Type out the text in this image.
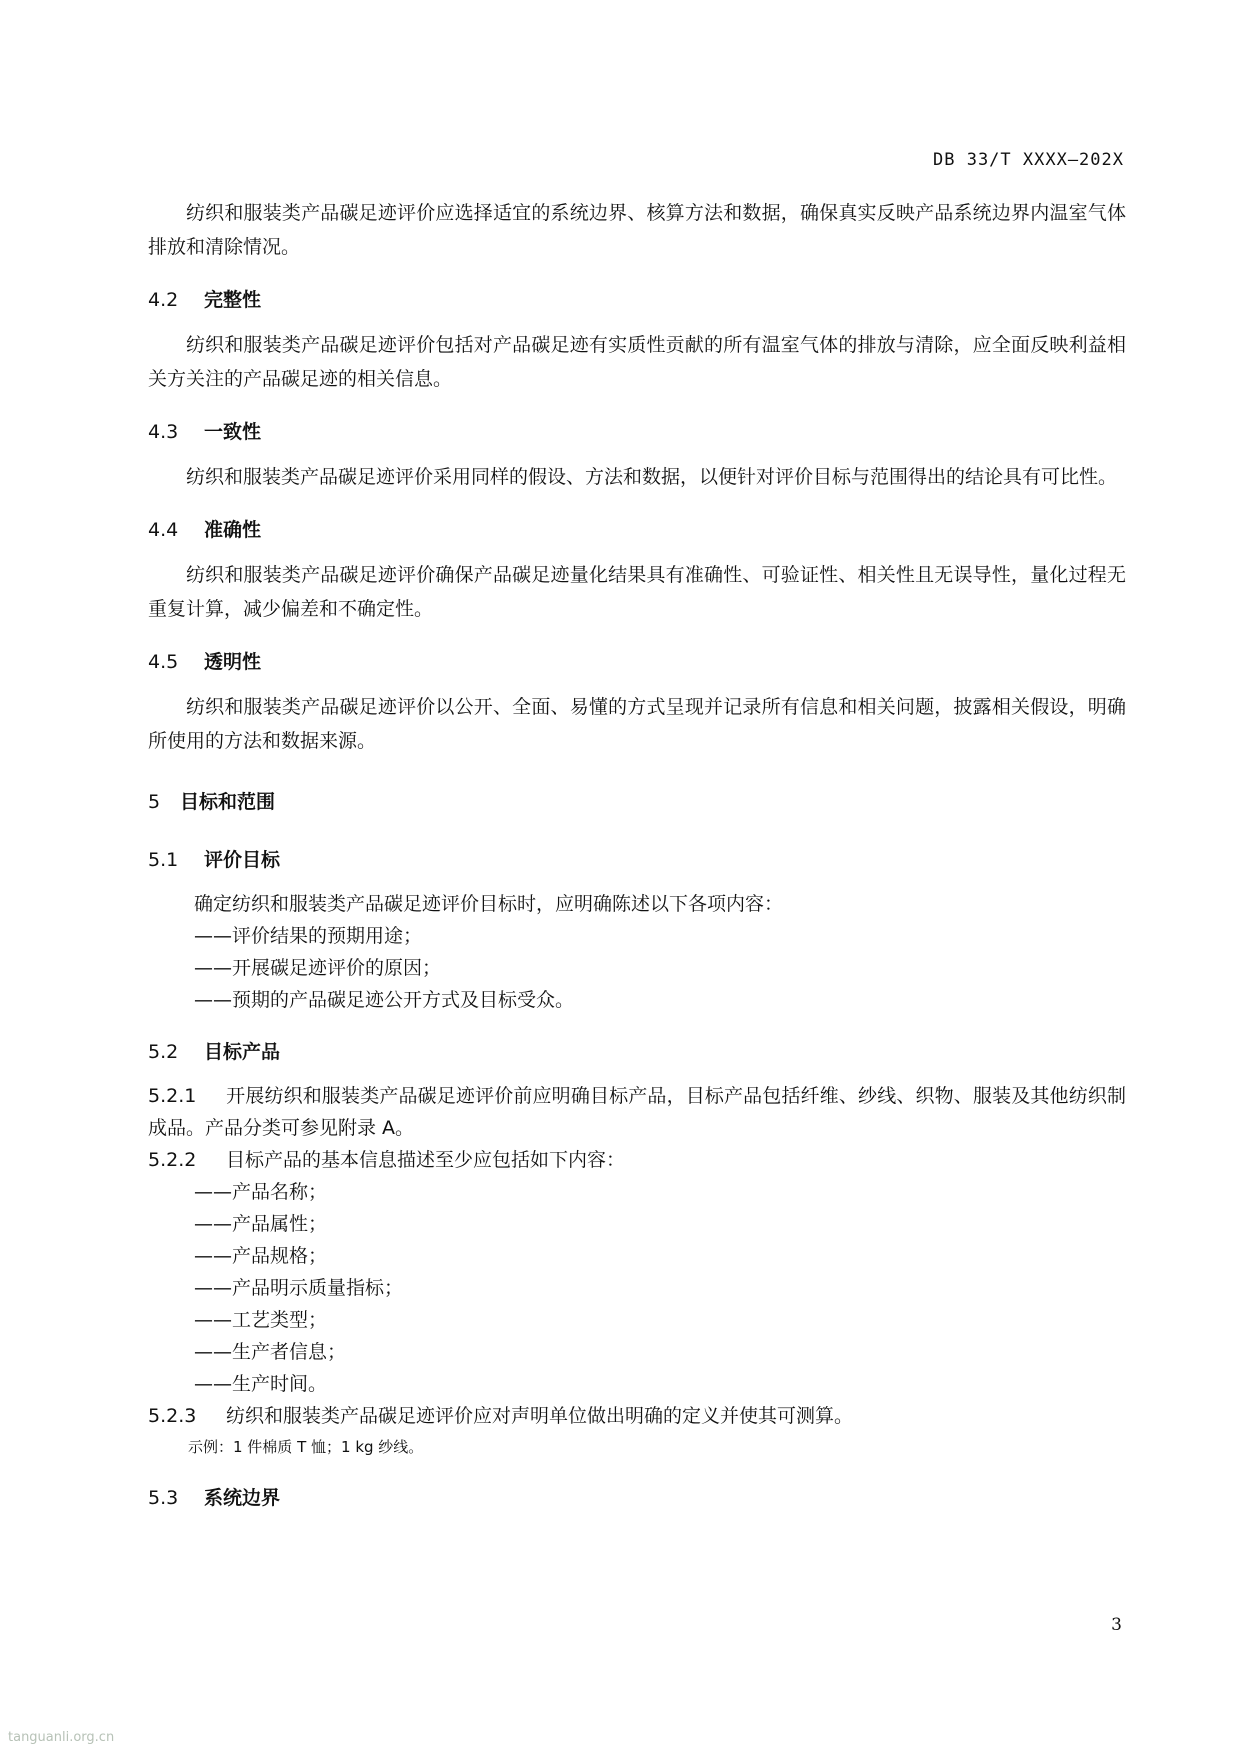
DB 33/T XXXX—202X

纺织和服装类产品碳足迹评价应选择适宜的系统边界、核算方法和数据，确保真实反映产品系统边界内温室气体排放和清除情况。

4.2 完整性

纺织和服装类产品碳足迹评价包括对产品碳足迹有实质性贡献的所有温室气体的排放与清除，应全面反映利益相关方关注的产品碳足迹的相关信息。

4.3 一致性

纺织和服装类产品碳足迹评价采用同样的假设、方法和数据，以便针对评价目标与范围得出的结论具有可比性。

4.4 准确性

纺织和服装类产品碳足迹评价确保产品碳足迹量化结果具有准确性、可验证性、相关性且无误导性，量化过程无重复计算，减少偏差和不确定性。

4.5 透明性

纺织和服装类产品碳足迹评价以公开、全面、易懂的方式呈现并记录所有信息和相关问题，披露相关假设，明确所使用的方法和数据来源。

5 目标和范围
5.1 评价目标
确定纺织和服装类产品碳足迹评价目标时，应明确陈述以下各项内容：
——评价结果的预期用途；
——开展碳足迹评价的原因；
——预期的产品碳足迹公开方式及目标受众。
5.2 目标产品

5.2.1 开展纺织和服装类产品碳足迹评价前应明确目标产品，目标产品包括纤维、纱线、织物、服装及其他纺织制成品。产品分类可参见附录 A。

5.2.2 目标产品的基本信息描述至少应包括如下内容：

——产品名称；
——产品属性；
——产品规格；
——产品明示质量指标；
——工艺类型；
——生产者信息；
——生产时间。

5.2.3 纺织和服装类产品碳足迹评价应对声明单位做出明确的定义并使其可测算。

示例：1 件棉质 T 恤；1 kg 纱线。
5.3 系统边界
3
tanguanli.org.cn
